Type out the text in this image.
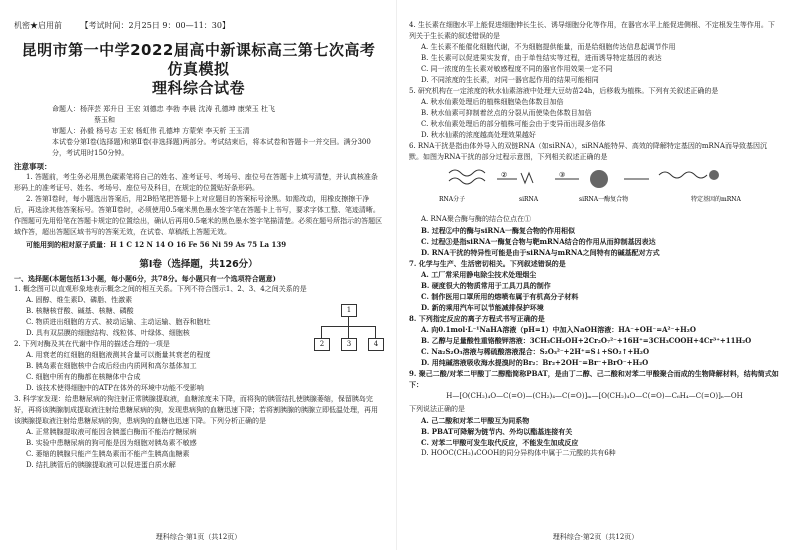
机密★启用前 【考试时间：2月25日 9：00—11：30】
昆明市第一中学2022届高中新课标高三第七次高考仿真模拟
理科综合试卷
命题人：杨萍芸 郑升日 王宏 刘德忠 李勃 李晨 沈涛 孔德坤 康荣玉 杜飞
蔡玉和
审题人：孙毅 杨号志 王宏 杨虹伟 孔德坤 方蒙荣 李天析 王玉清
本试卷分第Ⅰ卷(选择题)和第Ⅱ卷(非选择题)两部分。考试结束后，将本试卷和答题卡一并交回。满分300分，考试用时150分钟。
注意事项：
1. 答题前，考生务必用黑色碳素笔将自己的姓名、准考证号、考场号、座位号在答题卡上填写清楚，并认真核准条形码上的准考证号、姓名、考场号、座位号及科目，在规定的位置贴好条形码。
2. 答第Ⅰ卷时，每小题选出答案后，用2B铅笔把答题卡上对应题目的答案标号涂黑。如需改动，用橡皮擦擦干净后，再选涂其他答案标号。答第Ⅱ卷时，必须使用0.5毫米黑色墨水签字笔在答题卡上书写，要求字体工整、笔迹清晰。作图题可先用铅笔在答题卡规定的位置绘出，确认后再用0.5毫米的黑色墨水签字笔描清楚。必须在题号所指示的答题区域作答，超出答题区域书写的答案无效，在试卷、草稿纸上答题无效。
可能用到的相对原子质量：H 1 C 12 N 14 O 16 Fe 56 Ni 59 As 75 La 139
第Ⅰ卷（选择题，共126分）
一、选择题(本题包括13小题，每小题6分，共78分。每小题只有一个选项符合题意)
1. 概念图可以直观形象地表示概念之间的相互关系。下列不符合图示1、2、3、4之间关系的是
A. 固醇、维生素D、磷脂、性激素
B. 核糖核苷酸、碱基、核糖、磷酸
C. 物质进出细胞的方式、被动运输、主动运输、胞吞和胞吐
D. 具有双层膜的细胞结构、线粒体、叶绿体、细胞核
2. 下列对酶及其在代谢中作用的描述合理的一项是
A. 用衰老的红细胞的细胞液测其含量可以衡量其衰老的程度
B. 胰岛素在细胞核中合成后经由内质网和高尔基体加工
C. 细胞中所有的酶都在核糖体中合成
D. 该技术使得细胞中的ATP在体外的环境中功能不受影响
3. 科学家发现：给患糖尿病的狗注射正常胰腺提取液，血糖浓度未下降，而将狗的胰管结扎使胰腺萎缩，保留胰岛完好，再将该胰腺制成提取液注射给患糖尿病的狗，发现患病狗的血糖迅速下降；若将割胰腺的胰腺立即低温处理，再用该胰腺提取液注射给患糖尿病的狗，患病狗的血糖也迅速下降。下列分析正确的是
A. 正常胰腺提取液可能因含胰蛋白酶而不能治疗糖尿病
B. 实验中患糖尿病的狗可能是因为细胞对胰岛素不敏感
C. 萎缩的胰腺只能产生胰岛素而不能产生胰高血糖素
D. 结扎胰管后的胰腺提取液可以促进蛋白质水解
1
2	3	4
理科综合·第1页（共12页）
4. 生长素在细胞水平上能促进细胞伸长生长、诱导细胞分化等作用，在器官水平上能促进侧根、不定根发生等作用。下列关于生长素的叙述错误的是
A. 生长素不能催化细胞代谢，不为细胞提供能量，而是给细胞传达信息起调节作用
B. 生长素可以促进果实发育，由于单性结实等过程，进而诱导特定基因的表达
C. 同一浓度的生长素对敏感程度不同的器官作用效果一定不同
D. 不同浓度的生长素，对同一器官起作用的结果可能相同
5. 研究机构在一定浓度的秋水仙素溶液中处理大豆幼苗24h，后移栽为植株。下列有关叙述正确的是
A. 秋水仙素处理后的植株细胞染色体数目加倍
B. 秋水仙素可抑制着丝点的分裂从而使染色体数目加倍
C. 秋水仙素处理后的部分植株可能会由于变异而出现多倍体
D. 秋水仙素的浓度越高处理效果越好
6. RNA干扰是指由体外导入的双链RNA（如siRNA），siRNA能特异、高效的降解特定基因的mRNA而导致基因沉默。如图为RNA干扰的部分过程示意图，下列相关叙述正确的是
RNA分子
②
siRNA
③
siRNA一酶复合物	特定基因的mRNA
A. RNA聚合酶与酶的结合位点在①
B. 过程②中的酶与siRNA一酶复合物的作用相似
C. 过程③是指siRNA一酶复合物与靶mRNA结合的作用从而抑制基因表达
D. RNA干扰的特异性可能是由于siRNA与mRNA之间特有的碱基配对方式
7. 化学与生产、生活密切相关。下列叙述错误的是
A. 工厂常采用静电除尘技术处理烟尘
B. 硬度很大的物质常用于工具刀具的制作
C. 制作医用口罩所用的熔喷布属于有机高分子材料
D. 新的乘用汽车可以节能减排保护环境
8. 下列指定反应的离子方程式书写正确的是
A. 向0.1mol·L⁻¹NaHA溶液（pH=1）中加入NaOH溶液：HA⁻+OH⁻=A²⁻+H₂O
B. 乙醇与足量酸性重铬酸钾溶液：3CH₃CH₂OH+2Cr₂O₇²⁻+16H⁺=3CH₃COOH+4Cr³⁺+11H₂O
C. Na₂S₂O₃溶液与稀硫酸溶液混合：S₂O₃²⁻+2H⁺=S↓+SO₂↑+H₂O
D. 用纯碱溶液吸收海水提溴时的Br₂：Br₂+2OH⁻=Br⁻+BrO⁻+H₂O
9. 聚己二酸/对苯二甲酸丁二醇酯简称PBAT，是由丁二醇、己二酸和对苯二甲酸聚合而成的生物降解材料，结构简式如下：
H—[O(CH₂)₄O—C(=O)—(CH₂)₄—C(=O)]ₘ—[O(CH₂)₄O—C(=O)—C₆H₄—C(=O)]ₙ—OH
下列说法正确的是
A. 己二酸和对苯二甲酸互为同系物
B. PBAT可降解为链节内、外均以酯基连接有关
C. 对苯二甲酸可发生取代反应，不能发生加成反应
D. HOOC(CH₂)₄COOH的同分异构体中属于二元酸的共有6种
理科综合·第2页（共12页）
